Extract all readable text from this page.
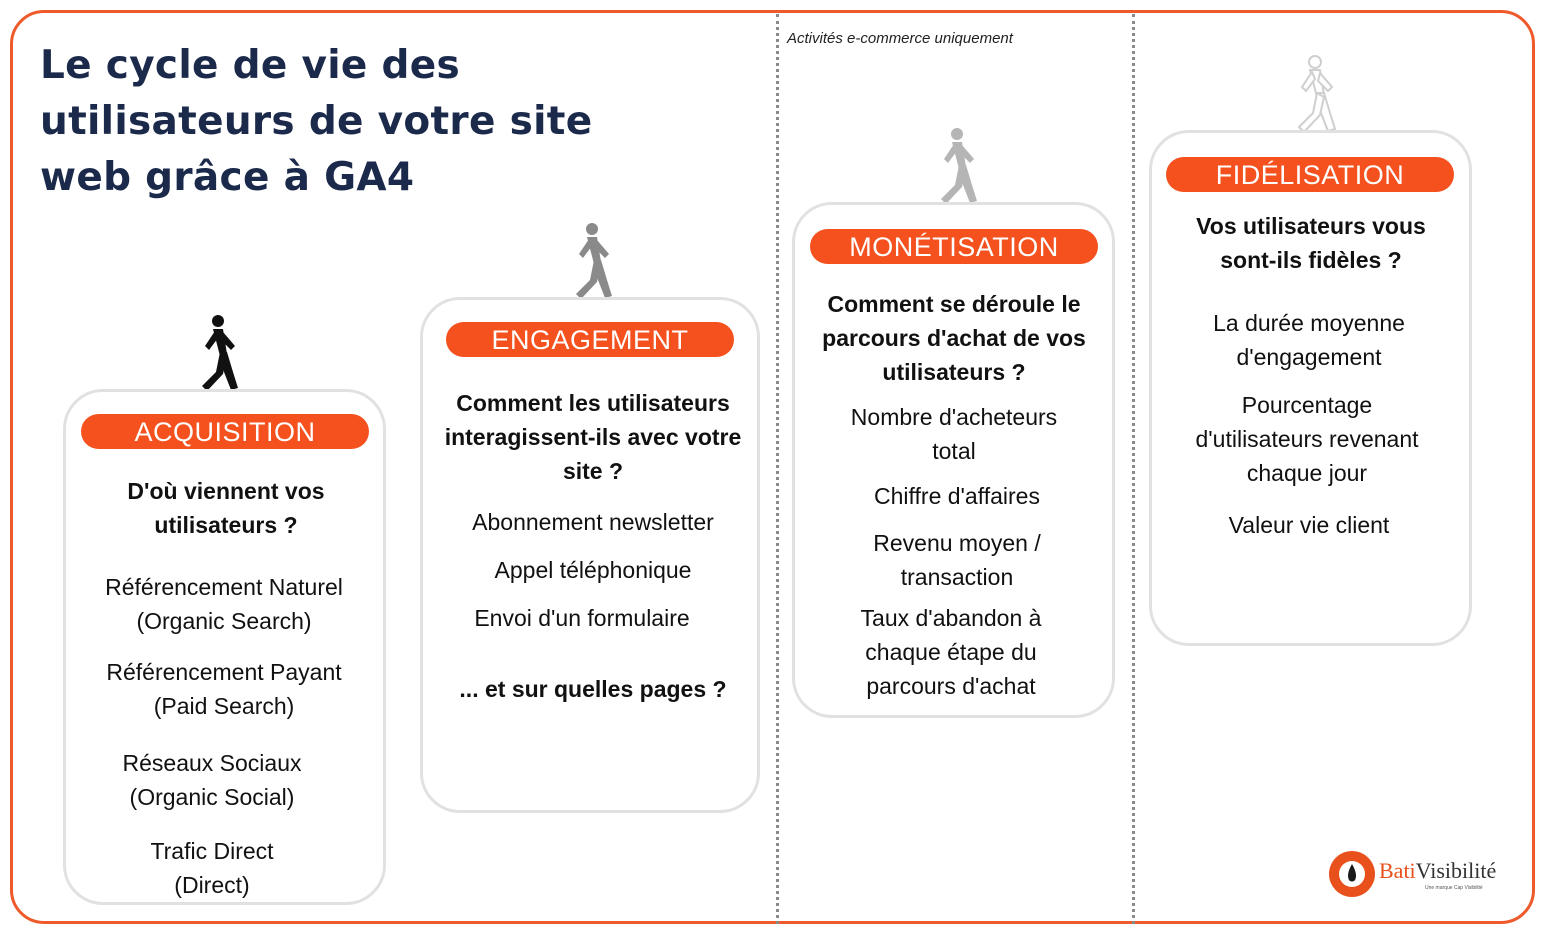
Le cycle de vie des
utilisateurs de votre site
web grâce à GA4
Activités e-commerce uniquement
ACQUISITION
D'où viennent vos
utilisateurs ?
Référencement Naturel
(Organic Search)
Référencement Payant
(Paid Search)
Réseaux Sociaux
(Organic Social)
Trafic Direct
(Direct)
ENGAGEMENT
Comment les utilisateurs
interagissent-ils avec votre
site ?
Abonnement newsletter
Appel téléphonique
Envoi d'un formulaire
... et sur quelles pages ?
MONÉTISATION
Comment se déroule le
parcours d'achat de vos
utilisateurs ?
Nombre d'acheteurs
total
Chiffre d'affaires
Revenu moyen /
transaction
Taux d'abandon à
chaque étape du
parcours d'achat
FIDÉLISATION
Vos utilisateurs vous
sont-ils fidèles ?
La durée moyenne
d'engagement
Pourcentage
d'utilisateurs revenant
chaque jour
Valeur vie client
BatiVisibilité
Une marque Cap Visibilité
